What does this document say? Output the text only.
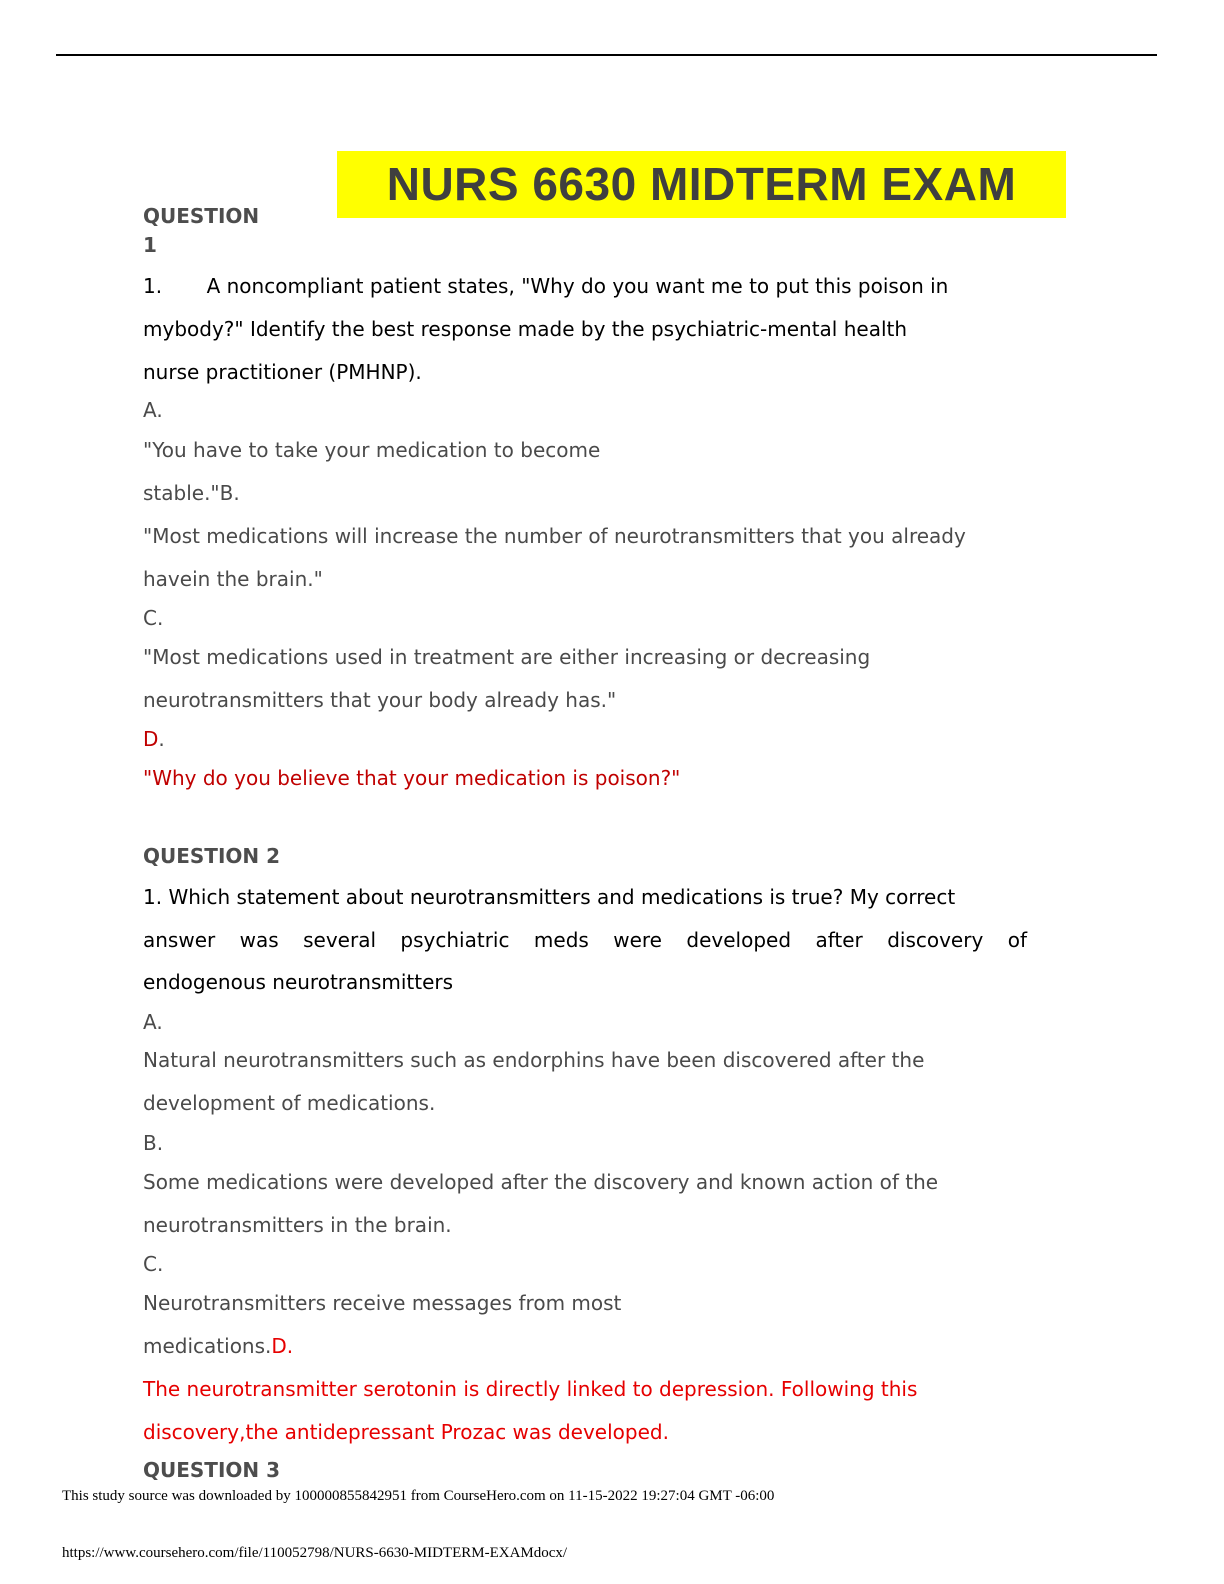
NURS 6630 MIDTERM EXAM
QUESTION
1
1.       A noncompliant patient states, "Why do you want me to put this poison in
mybody?" Identify the best response made by the psychiatric-mental health
nurse practitioner (PMHNP).
A.
"You have to take your medication to become
stable."B.
"Most medications will increase the number of neurotransmitters that you already
havein the brain."
C.
"Most medications used in treatment are either increasing or decreasing
neurotransmitters that your body already has."
D.
"Why do you believe that your medication is poison?"
QUESTION 2
1. Which statement about neurotransmitters and medications is true? My correct
answer was several psychiatric meds were developed after discovery of
endogenous neurotransmitters
A.
Natural neurotransmitters such as endorphins have been discovered after the
development of medications.
B.
Some medications were developed after the discovery and known action of the
neurotransmitters in the brain.
C.
Neurotransmitters receive messages from most
medications.D.
The neurotransmitter serotonin is directly linked to depression. Following this
discovery,the antidepressant Prozac was developed.
QUESTION 3
This study source was downloaded by 100000855842951 from CourseHero.com on 11-15-2022 19:27:04 GMT -06:00
https://www.coursehero.com/file/110052798/NURS-6630-MIDTERM-EXAMdocx/
